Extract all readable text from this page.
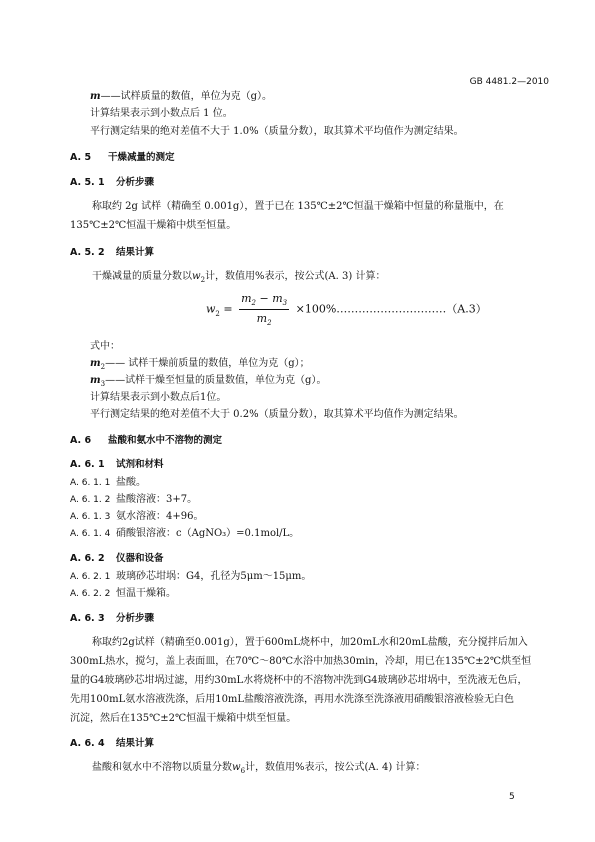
GB 4481.2—2010
m——试样质量的数值，单位为克（g）。
计算结果表示到小数点后 1 位。
平行测定结果的绝对差值不大于 1.0%（质量分数），取其算术平均值作为测定结果。
A. 5 干燥减量的测定
A. 5. 1 分析步骤
称取约 2g 试样（精确至 0.001g），置于已在 135℃±2℃恒温干燥箱中恒量的称量瓶中，在
135℃±2℃恒温干燥箱中烘至恒量。
A. 5. 2 结果计算
干燥减量的质量分数以$w_2$计，数值用%表示，按公式(A. 3) 计算：
$w_2 = \frac{m_2 - m_3}{m_2}$ ×100%…………………………（A.3）
式中：
$m_2——$ 试样干燥前质量的数值，单位为克（g）；
$m_3——$试样干燥至恒量的质量数值，单位为克（g）。
计算结果表示到小数点后1位。
平行测定结果的绝对差值不大于 0.2%（质量分数），取其算术平均值作为测定结果。
A. 6 盐酸和氨水中不溶物的测定
A. 6. 1 试剂和材料
A. 6. 1. 1 盐酸。
A. 6. 1. 2 盐酸溶液：3+7。
A. 6. 1. 3 氨水溶液：4+96。
A. 6. 1. 4 硝酸银溶液：c（AgNO₃）=0.1mol/L。
A. 6. 2 仪器和设备
A. 6. 2. 1 玻璃砂芯坩埚：G4，孔径为5μm～15μm。
A. 6. 2. 2 恒温干燥箱。
A. 6. 3 分析步骤
称取约2g试样（精确至0.001g），置于600mL烧杯中，加20mL水和20mL盐酸，充分搅拌后加入
300mL热水，搅匀，盖上表面皿，在70℃～80℃水浴中加热30min，冷却，用已在135℃±2℃烘至恒
量的G4玻璃砂芯坩埚过滤，用约30mL水将烧杯中的不溶物冲洗到G4玻璃砂芯坩埚中，至洗液无色后，
先用100mL氨水溶液洗涤，后用10mL盐酸溶液洗涤，再用水洗涤至洗涤液用硝酸银溶液检验无白色
沉淀，然后在135℃±2℃恒温干燥箱中烘至恒量。
A. 6. 4 结果计算
盐酸和氨水中不溶物以质量分数$w_6$计，数值用%表示，按公式(A. 4) 计算：
5
